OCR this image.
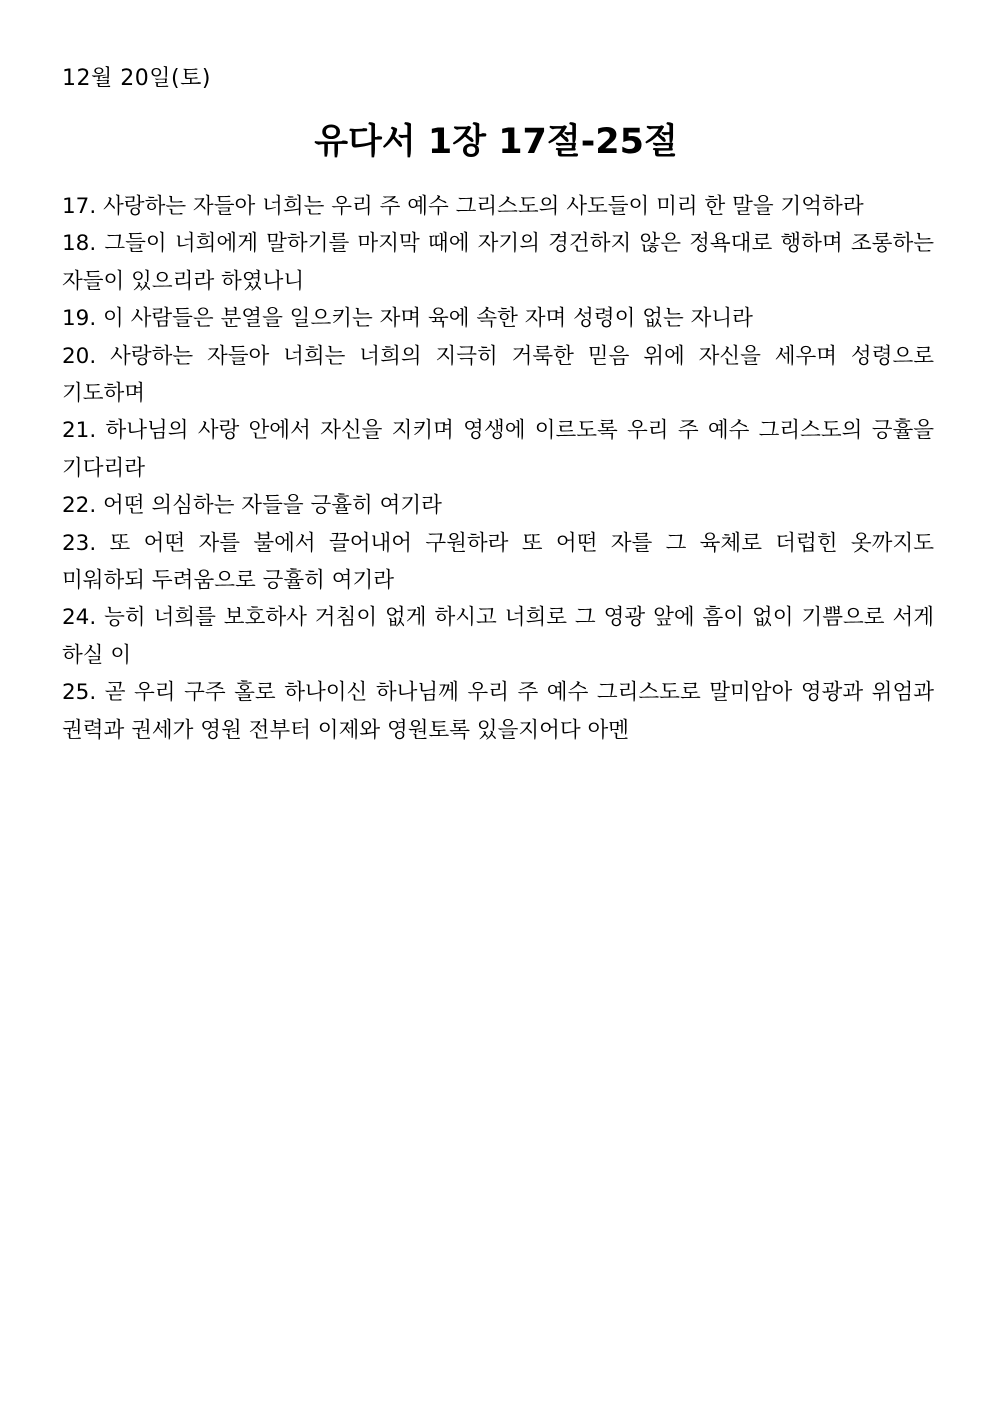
12월 20일(토)
유다서 1장 17절-25절

17. 사랑하는 자들아 너희는 우리 주 예수 그리스도의 사도들이 미리 한 말을 기억하라

18. 그들이 너희에게 말하기를 마지막 때에 자기의 경건하지 않은 정욕대로 행하며 조롱하는 자들이 있으리라 하였나니

19. 이 사람들은 분열을 일으키는 자며 육에 속한 자며 성령이 없는 자니라

20. 사랑하는 자들아 너희는 너희의 지극히 거룩한 믿음 위에 자신을 세우며 성령으로 기도하며

21. 하나님의 사랑 안에서 자신을 지키며 영생에 이르도록 우리 주 예수 그리스도의 긍휼을 기다리라

22. 어떤 의심하는 자들을 긍휼히 여기라

23. 또 어떤 자를 불에서 끌어내어 구원하라 또 어떤 자를 그 육체로 더럽힌 옷까지도 미워하되 두려움으로 긍휼히 여기라

24. 능히 너희를 보호하사 거침이 없게 하시고 너희로 그 영광 앞에 흠이 없이 기쁨으로 서게 하실 이

25. 곧 우리 구주 홀로 하나이신 하나님께 우리 주 예수 그리스도로 말미암아 영광과 위엄과 권력과 권세가 영원 전부터 이제와 영원토록 있을지어다 아멘
